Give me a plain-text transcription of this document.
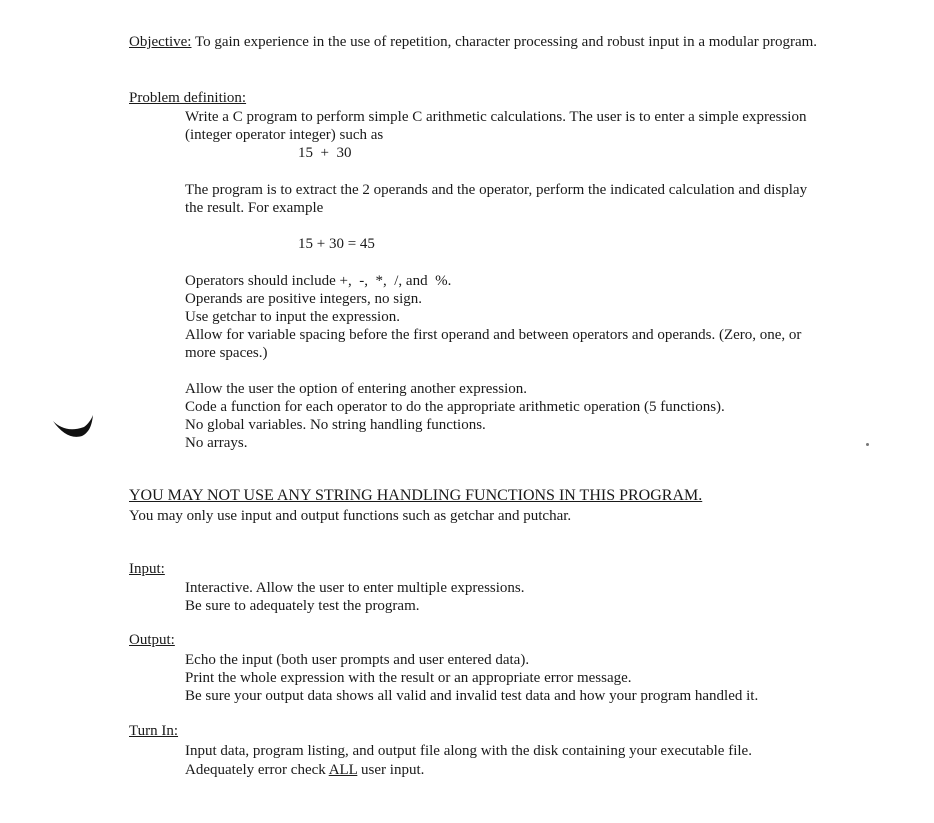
Objective: To gain experience in the use of repetition, character processing and robust input in a modular program.
Problem definition:
Write a C program to perform simple C arithmetic calculations. The user is to enter a simple expression
(integer operator integer) such as
15  +  30
The program is to extract the 2 operands and the operator, perform the indicated calculation and display
the result. For example
15 + 30 = 45
Operators should include +,  -,  *,  /, and  %.
Operands are positive integers, no sign.
Use getchar to input the expression.
Allow for variable spacing before the first operand and between operators and operands. (Zero, one, or
more spaces.)
Allow the user the option of entering another expression.
Code a function for each operator to do the appropriate arithmetic operation (5 functions).
No global variables. No string handling functions.
No arrays.
YOU MAY NOT USE ANY STRING HANDLING FUNCTIONS IN THIS PROGRAM.
You may only use input and output functions such as getchar and putchar.
Input:
Interactive. Allow the user to enter multiple expressions.
Be sure to adequately test the program.
Output:
Echo the input (both user prompts and user entered data).
Print the whole expression with the result or an appropriate error message.
Be sure your output data shows all valid and invalid test data and how your program handled it.
Turn In:
Input data, program listing, and output file along with the disk containing your executable file.
Adequately error check ALL user input.
